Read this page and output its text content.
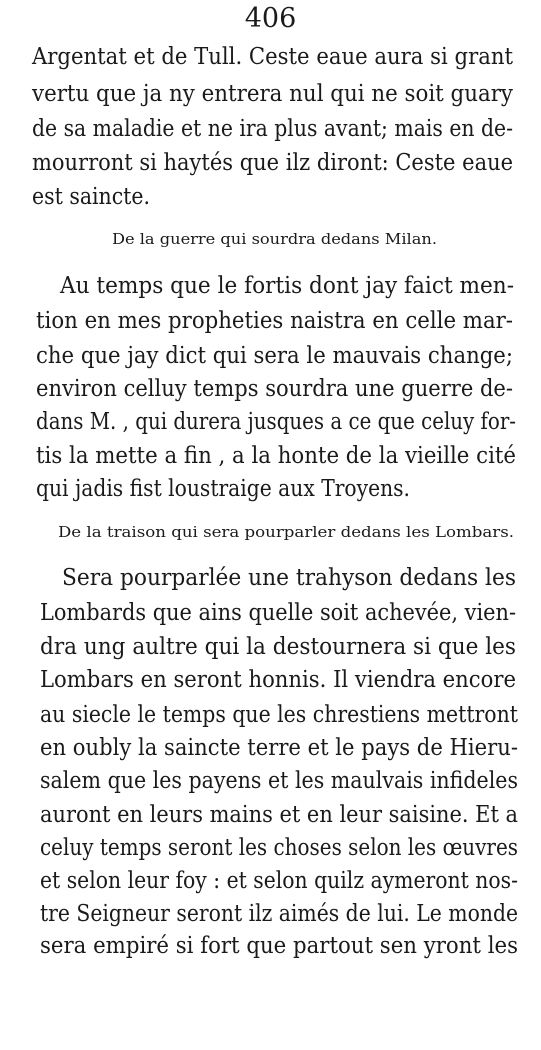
406
Argentat et de Tull. Ceste eaue aura si grant
vertu que ja ny entrera nul qui ne soit guary
de sa maladie et ne ira plus avant; mais en de-
mourront si haytés que ilz diront: Ceste eaue
est saincte.
De la guerre qui sourdra dedans Milan.
Au temps que le fortis dont jay faict men-
tion en mes propheties naistra en celle mar-
che que jay dict qui sera le mauvais change;
environ celluy temps sourdra une guerre de-
dans M. , qui durera jusques a ce que celuy for-
tis la mette a fin , a la honte de la vieille cité
qui jadis fist loustraige aux Troyens.
De la traison qui sera pourparler dedans les Lombars.
Sera pourparlée une trahyson dedans les
Lombards que ains quelle soit achevée, vien-
dra ung aultre qui la destournera si que les
Lombars en seront honnis. Il viendra encore
au siecle le temps que les chrestiens mettront
en oubly la saincte terre et le pays de Hieru-
salem que les payens et les maulvais infideles
auront en leurs mains et en leur saisine. Et a
celuy temps seront les choses selon les œuvres
et selon leur foy : et selon quilz aymeront nos-
tre Seigneur seront ilz aimés de lui. Le monde
sera empiré si fort que partout sen yront les
